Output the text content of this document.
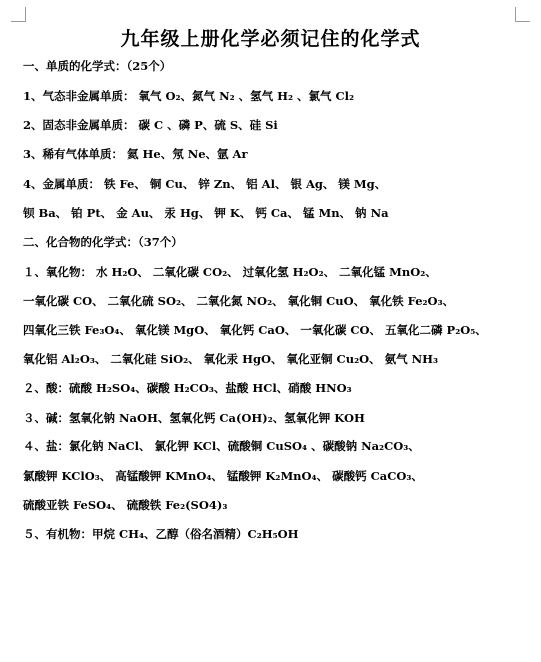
九年级上册化学必须记住的化学式
一、单质的化学式：（25个）
1、气态非金属单质： 氧气 O₂、氮气 N₂ 、氢气 H₂ 、氯气 Cl₂
2、固态非金属单质： 碳 C 、磷 P、硫 S、硅 Si
3、稀有气体单质： 氦 He、氖 Ne、氩 Ar
4、金属单质： 铁 Fe、 铜 Cu、 锌 Zn、 铝 Al、 银 Ag、 镁 Mg、
钡 Ba、 铂 Pt、 金 Au、 汞 Hg、 钾 K、 钙 Ca、 锰 Mn、 钠 Na
二、化合物的化学式：（37个）
１、氧化物： 水 H₂O、 二氧化碳 CO₂、 过氧化氢 H₂O₂、 二氧化锰 MnO₂、
一氧化碳 CO、 二氧化硫 SO₂、 二氧化氮 NO₂、 氧化铜 CuO、 氧化铁 Fe₂O₃、
四氧化三铁 Fe₃O₄、 氧化镁 MgO、 氧化钙 CaO、 一氧化碳 CO、 五氧化二磷 P₂O₅、
氧化铝 Al₂O₃、 二氧化硅 SiO₂、 氧化汞 HgO、 氧化亚铜 Cu₂O、 氨气 NH₃
２、酸：硫酸 H₂SO₄、碳酸 H₂CO₃、盐酸 HCl、硝酸 HNO₃
３、碱：氢氧化钠 NaOH、氢氧化钙 Ca(OH)₂、氢氧化钾 KOH
４、盐：氯化钠 NaCl、 氯化钾 KCl、硫酸铜 CuSO₄ 、碳酸钠 Na₂CO₃、
氯酸钾 KClO₃、 高锰酸钾 KMnO₄、 锰酸钾 K₂MnO₄、 碳酸钙 CaCO₃、
硫酸亚铁 FeSO₄、 硫酸铁 Fe₂(SO4)₃
５、有机物：甲烷 CH₄、乙醇（俗名酒精）C₂H₅OH
